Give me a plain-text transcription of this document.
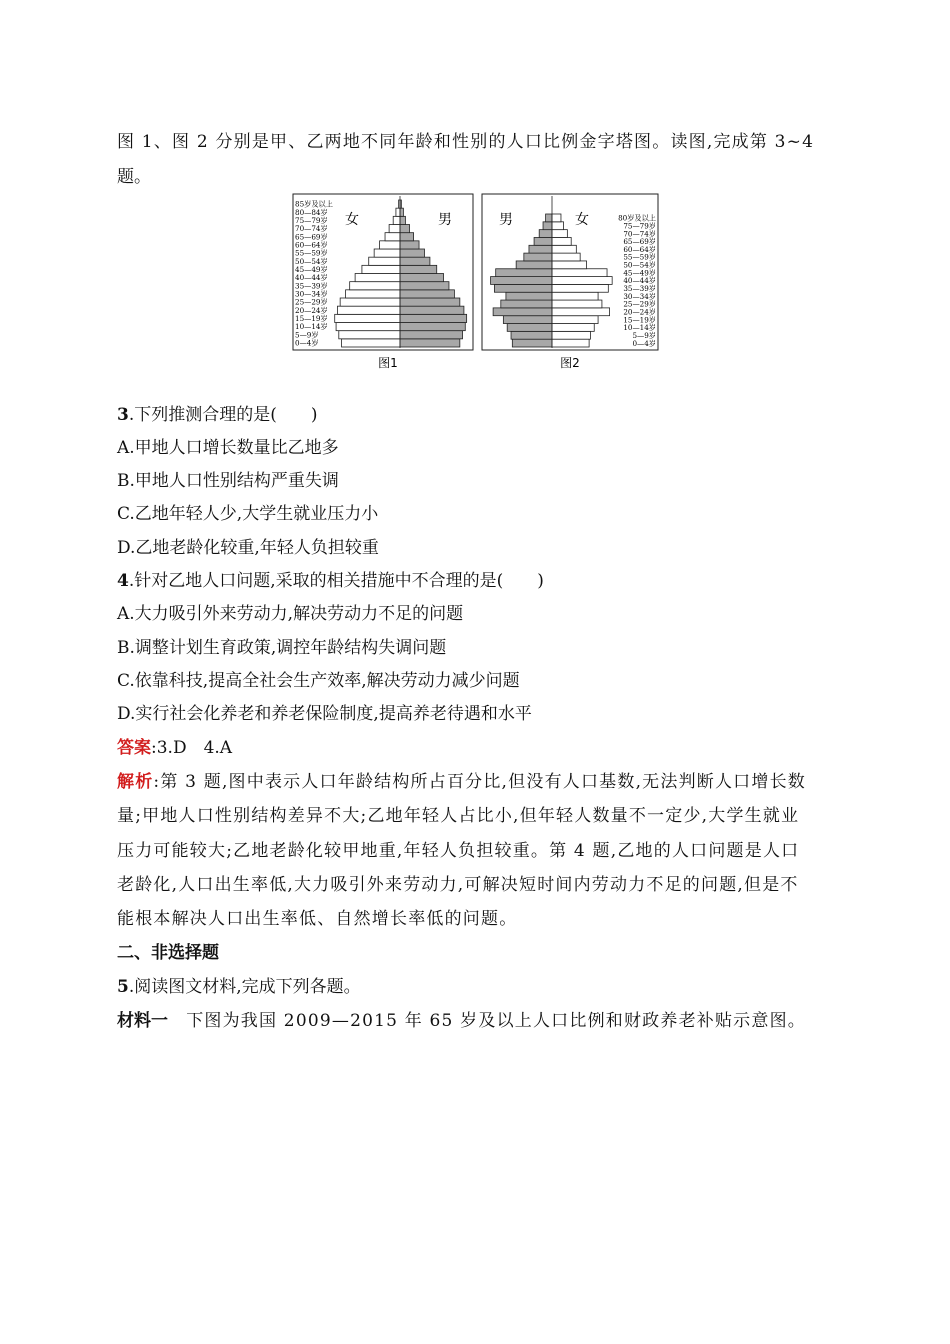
图 1、图 2 分别是甲、乙两地不同年龄和性别的人口比例金字塔图。读图,完成第 3~4
题。
0—4岁
5—9岁
10—14岁
15—19岁
20—24岁
25—29岁
30—34岁
35—39岁
40—44岁
45—49岁
50—54岁
55—59岁
60—64岁
65—69岁
70—74岁
75—79岁
80—84岁
85岁及以上
0—4岁
5—9岁
10—14岁
15—19岁
20—24岁
25—29岁
30—34岁
35—39岁
40—44岁
45—49岁
50—54岁
55—59岁
60—64岁
65—69岁
70—74岁
75—79岁
80岁及以上
女	男	男	女
图1	图2
3.下列推测合理的是(　　)
A.甲地人口增长数量比乙地多
B.甲地人口性别结构严重失调
C.乙地年轻人少,大学生就业压力小
D.乙地老龄化较重,年轻人负担较重
4.针对乙地人口问题,采取的相关措施中不合理的是(　　)
A.大力吸引外来劳动力,解决劳动力不足的问题
B.调整计划生育政策,调控年龄结构失调问题
C.依靠科技,提高全社会生产效率,解决劳动力减少问题
D.实行社会化养老和养老保险制度,提高养老待遇和水平
答案:3.D　4.A
解析:第 3 题,图中表示人口年龄结构所占百分比,但没有人口基数,无法判断人口增长数
量;甲地人口性别结构差异不大;乙地年轻人占比小,但年轻人数量不一定少,大学生就业
压力可能较大;乙地老龄化较甲地重,年轻人负担较重。第 4 题,乙地的人口问题是人口
老龄化,人口出生率低,大力吸引外来劳动力,可解决短时间内劳动力不足的问题,但是不
能根本解决人口出生率低、自然增长率低的问题。
二、非选择题
5.阅读图文材料,完成下列各题。
材料一　下图为我国 2009—2015 年 65 岁及以上人口比例和财政养老补贴示意图。
